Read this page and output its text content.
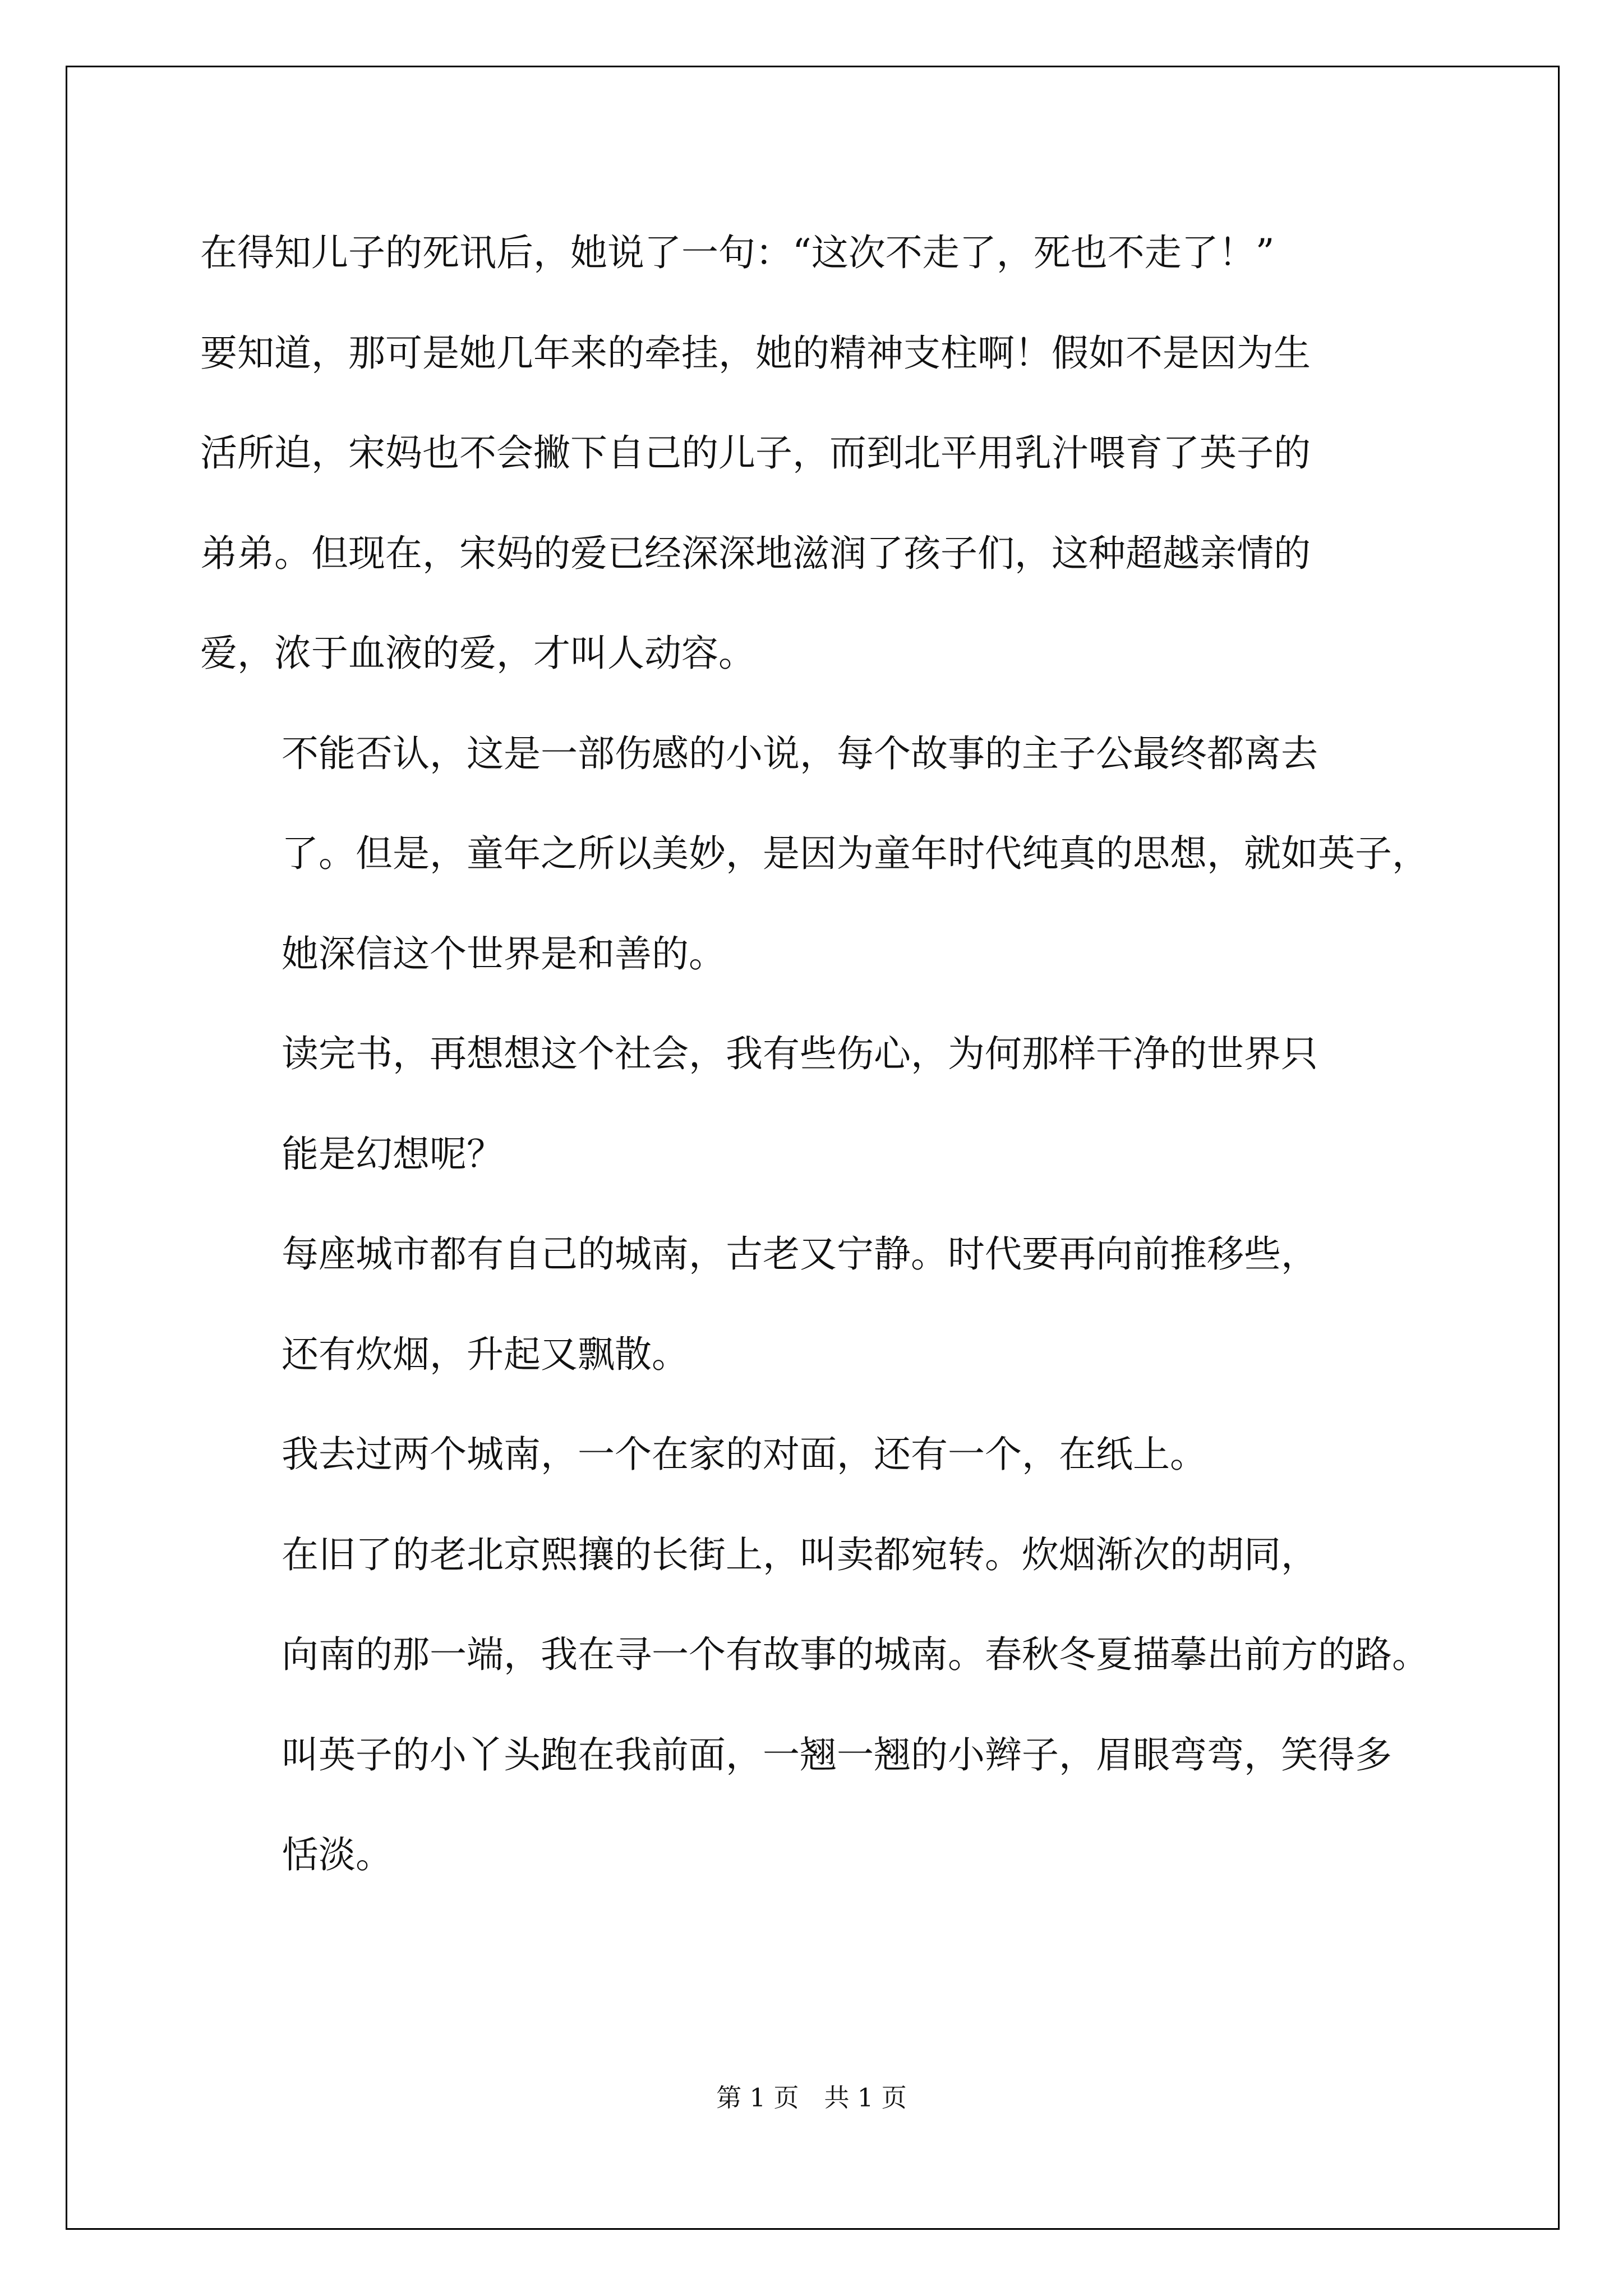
在得知儿子的死讯后，她说了一句：“这次不走了，死也不走了！”
要知道，那可是她几年来的牵挂，她的精神支柱啊！假如不是因为生
活所迫，宋妈也不会撇下自己的儿子，而到北平用乳汁喂育了英子的
弟弟。但现在，宋妈的爱已经深深地滋润了孩子们，这种超越亲情的
爱，浓于血液的爱，才叫人动容。

不能否认，这是一部伤感的小说，每个故事的主子公最终都离去
了。但是，童年之所以美妙，是因为童年时代纯真的思想，就如英子，
她深信这个世界是和善的。

读完书，再想想这个社会，我有些伤心，为何那样干净的世界只
能是幻想呢？

每座城市都有自己的城南，古老又宁静。时代要再向前推移些，
还有炊烟，升起又飘散。

我去过两个城南，一个在家的对面，还有一个，在纸上。

在旧了的老北京熙攘的长街上，叫卖都宛转。炊烟渐次的胡同，
向南的那一端，我在寻一个有故事的城南。春秋冬夏描摹出前方的路。
叫英子的小丫头跑在我前面，一翘一翘的小辫子，眉眼弯弯，笑得多
恬淡。

第 1 页　共 1 页
